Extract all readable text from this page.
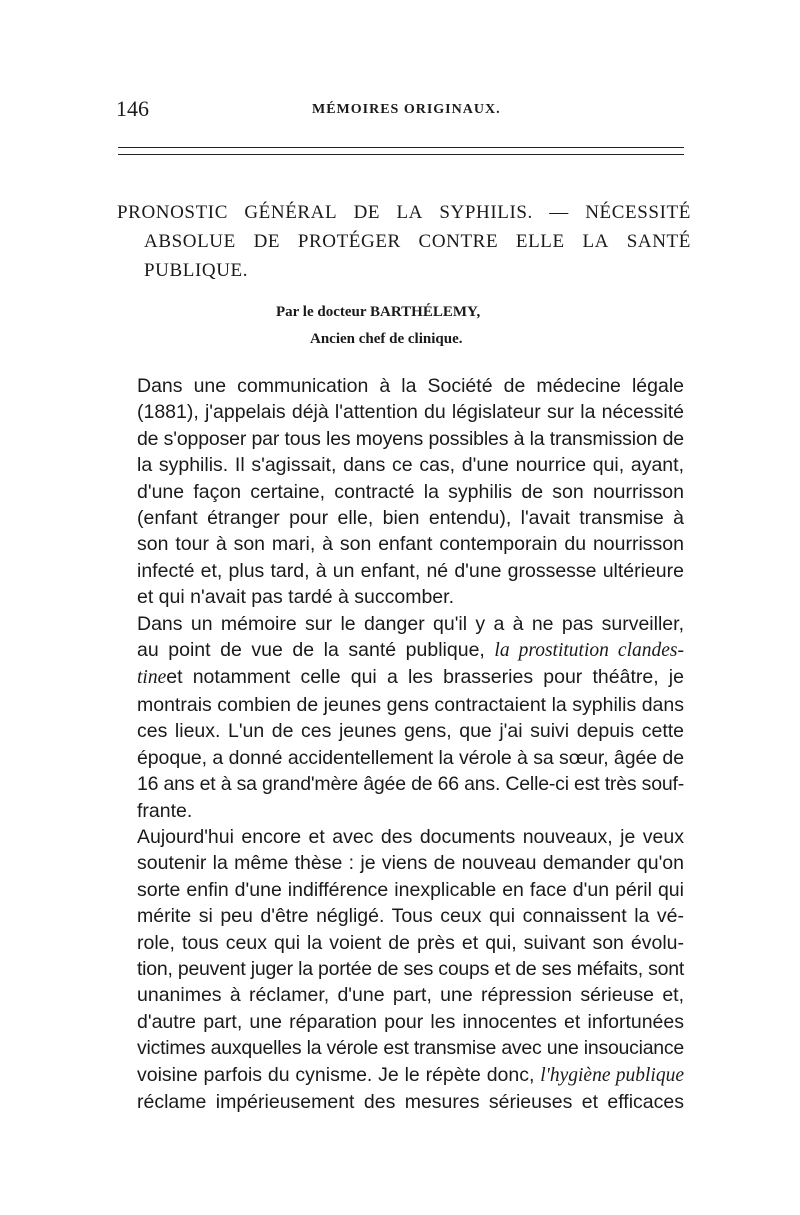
146	MÉMOIRES ORIGINAUX.
PRONOSTIC GÉNÉRAL DE LA SYPHILIS. — NÉCESSITÉ
ABSOLUE DE PROTÉGER CONTRE ELLE LA SANTÉ
PUBLIQUE.
Par le docteur BARTHÉLEMY,
Ancien chef de clinique.
Dans une communication à la Société de médecine légale
(1881), j'appelais déjà l'attention du législateur sur la nécessité
de s'opposer par tous les moyens possibles à la transmission de
la syphilis. Il s'agissait, dans ce cas, d'une nourrice qui, ayant,
d'une façon certaine, contracté la syphilis de son nourrisson
(enfant étranger pour elle, bien entendu), l'avait transmise à
son tour à son mari, à son enfant contemporain du nourrisson
infecté et, plus tard, à un enfant, né d'une grossesse ultérieure
et qui n'avait pas tardé à succomber.
Dans un mémoire sur le danger qu'il y a à ne pas surveiller,
au point de vue de la santé publique, la prostitution clandes-
tineet notamment celle qui a les brasseries pour théâtre, je
montrais combien de jeunes gens contractaient la syphilis dans
ces lieux. L'un de ces jeunes gens, que j'ai suivi depuis cette
époque, a donné accidentellement la vérole à sa sœur, âgée de
16 ans et à sa grand'mère âgée de 66 ans. Celle-ci est très souf-
frante.
Aujourd'hui encore et avec des documents nouveaux, je veux
soutenir la même thèse : je viens de nouveau demander qu'on
sorte enfin d'une indifférence inexplicable en face d'un péril qui
mérite si peu d'être négligé. Tous ceux qui connaissent la vé-
role, tous ceux qui la voient de près et qui, suivant son évolu-
tion, peuvent juger la portée de ses coups et de ses méfaits, sont
unanimes à réclamer, d'une part, une répression sérieuse et,
d'autre part, une réparation pour les innocentes et infortunées
victimes auxquelles la vérole est transmise avec une insouciance
voisine parfois du cynisme. Je le répète donc, l'hygiène publique
réclame impérieusement des mesures sérieuses et efficaces
